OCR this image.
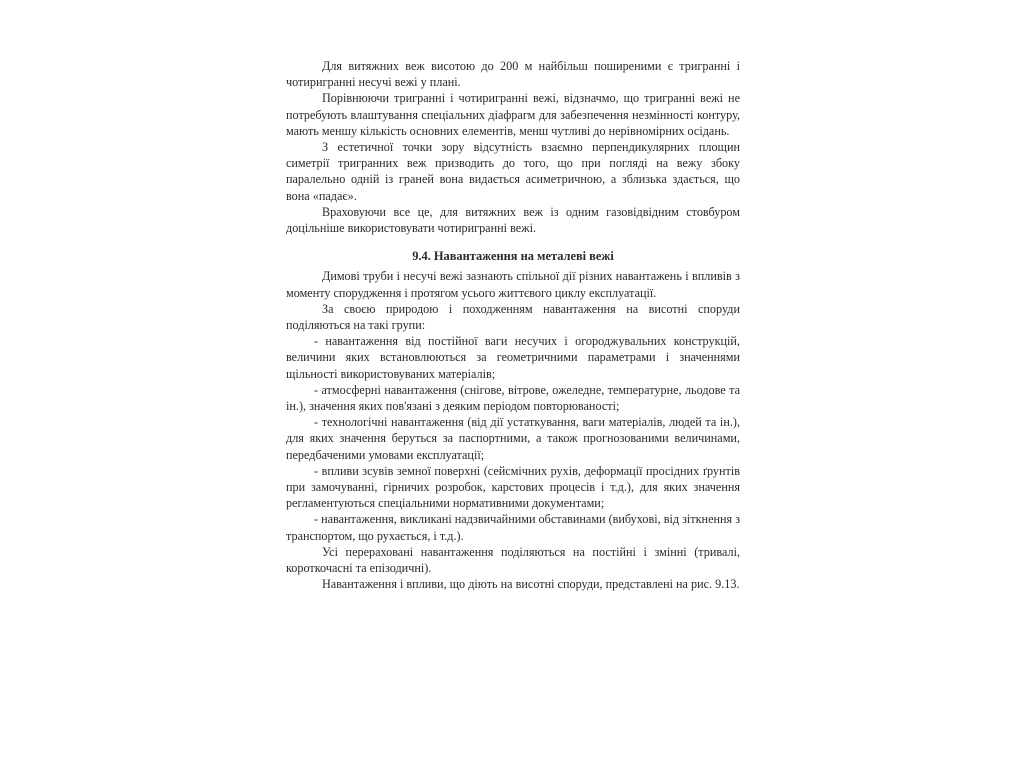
Для витяжних веж висотою до 200 м найбільш поширеними є тригранні і чотиригранні несучі вежі у плані.

Порівнюючи тригранні і чотиригранні вежі, відзначмо, що тригранні вежі не потребують влаштування спеціальних діафрагм для забезпечення незмінності контуру, мають меншу кількість основних елементів, менш чутливі до нерівномірних осідань.

З естетичної точки зору відсутність взаємно перпендикулярних площин симетрії тригранних веж призводить до того, що при погляді на вежу збоку паралельно одній із граней вона видається асиметричною, а зблизька здається, що вона «падає».

Враховуючи все це, для витяжних веж із одним газовідвідним стовбуром доцільніше використовувати чотиригранні вежі.

9.4. Навантаження на металеві вежі

Димові труби і несучі вежі зазнають спільної дії різних навантажень і впливів з моменту спорудження і протягом усього життєвого циклу експлуатації.

За своєю природою і походженням навантаження на висотні споруди поділяються на такі групи:

- навантаження від постійної ваги несучих і огороджувальних конструкцій, величини яких встановлюються за геометричними параметрами і значеннями щільності використовуваних матеріалів;

- атмосферні навантаження (снігове, вітрове, ожеледне, температурне, льодове та ін.), значення яких пов'язані з деяким періодом повторюваності;

- технологічні навантаження (від дії устаткування, ваги матеріалів, людей та ін.), для яких значення беруться за паспортними, а також прогнозованими величинами, передбаченими умовами експлуатації;

- впливи зсувів земної поверхні (сейсмічних рухів, деформації просідних ґрунтів при замочуванні, гірничих розробок, карстових процесів і т.д.), для яких значення регламентуються спеціальними нормативними документами;

- навантаження, викликані надзвичайними обставинами (вибухові, від зіткнення з транспортом, що рухається, і т.д.).

Усі перераховані навантаження поділяються на постійні і змінні (тривалі, короткочасні та епізодичні).

Навантаження і впливи, що діють на висотні споруди, представлені на рис. 9.13.
